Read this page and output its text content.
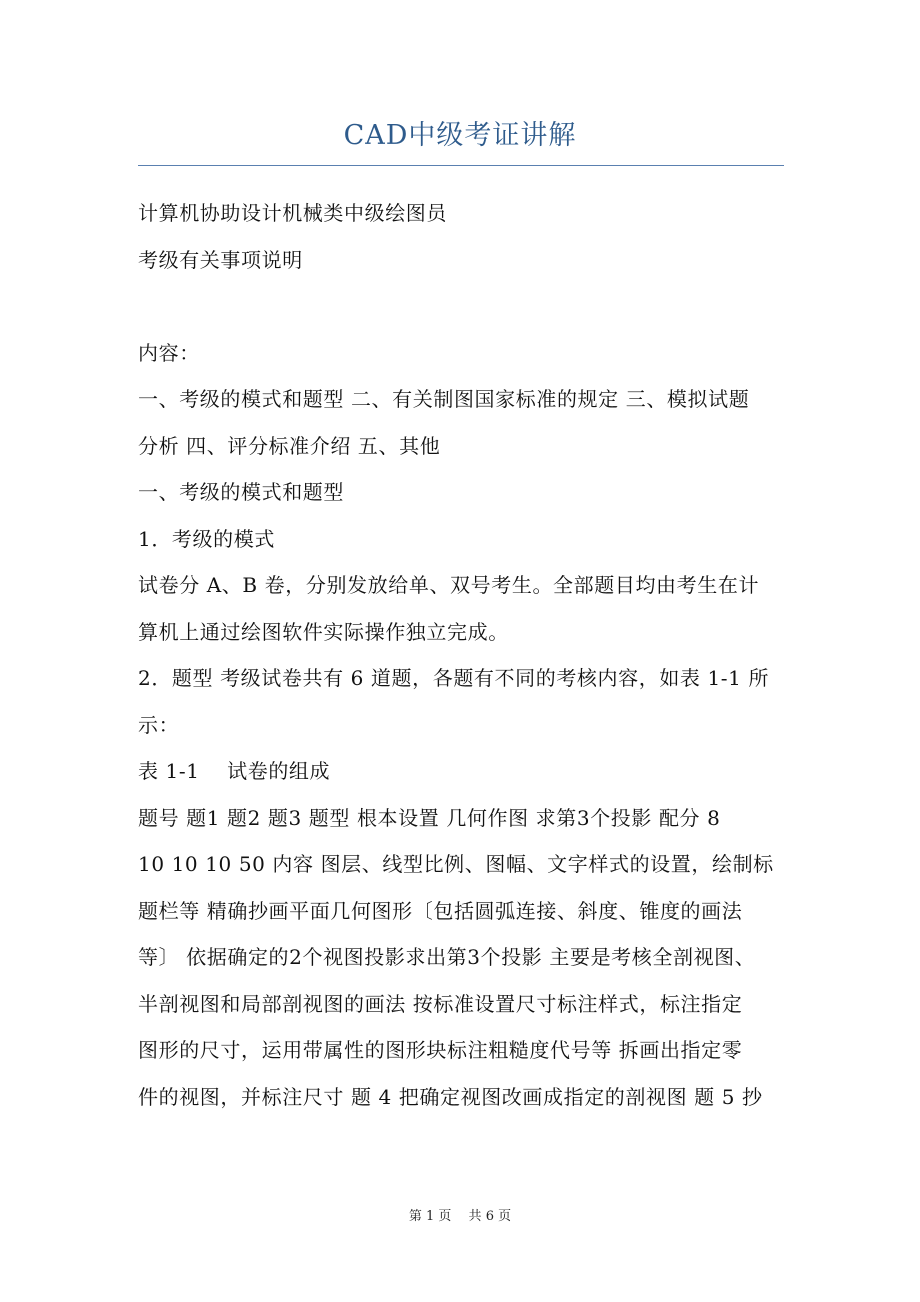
CAD中级考证讲解

计算机协助设计机械类中级绘图员

考级有关事项说明

内容：

一、考级的模式和题型 二、有关制图国家标准的规定 三、模拟试题

分析 四、评分标准介绍 五、其他

一、考级的模式和题型

1．考级的模式

试卷分 A、B 卷，分别发放给单、双号考生。全部题目均由考生在计

算机上通过绘图软件实际操作独立完成。

2．题型 考级试卷共有 6 道题，各题有不同的考核内容，如表 1-1 所

示：

表 1-1　 试卷的组成

题号 题1 题2 题3 题型 根本设置 几何作图 求第3个投影 配分 8

10 10 10 50 内容 图层、线型比例、图幅、文字样式的设置，绘制标

题栏等 精确抄画平面几何图形〔包括圆弧连接、斜度、锥度的画法

等〕 依据确定的2个视图投影求出第3个投影 主要是考核全剖视图、

半剖视图和局部剖视图的画法 按标准设置尺寸标注样式，标注指定

图形的尺寸，运用带属性的图形块标注粗糙度代号等 拆画出指定零

件的视图，并标注尺寸 题 4 把确定视图改画成指定的剖视图 题 5 抄

第 1 页　 共 6 页
